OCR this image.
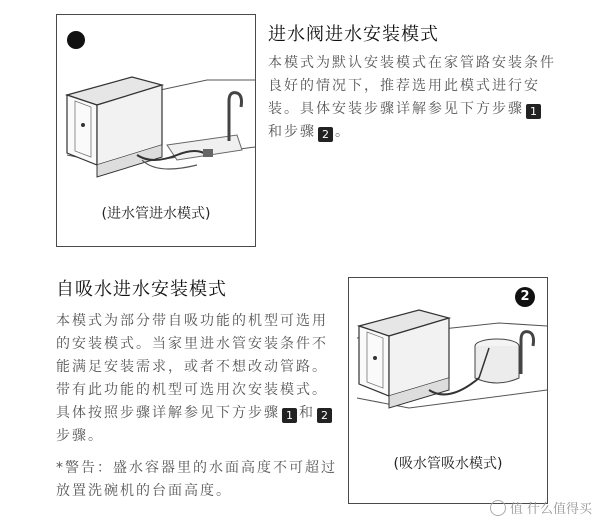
(进水管进水模式)
进水阀进水安装模式
本模式为默认安装模式在家管路安装条件良好的情况下，推荐选用此模式进行安装。具体安装步骤详解参见下方步骤 1和步骤 2 。
自吸水进水安装模式
本模式为部分带自吸功能的机型可选用的安装模式。当家里进水管安装条件不能满足安装需求，或者不想改动管路。带有此功能的机型可选用次安装模式。具体按照步骤详解参见下方步骤 1 和 2步骤。
*警告：盛水容器里的水面高度不可超过放置洗碗机的台面高度。
2
(吸水管吸水模式)
值 什么值得买
